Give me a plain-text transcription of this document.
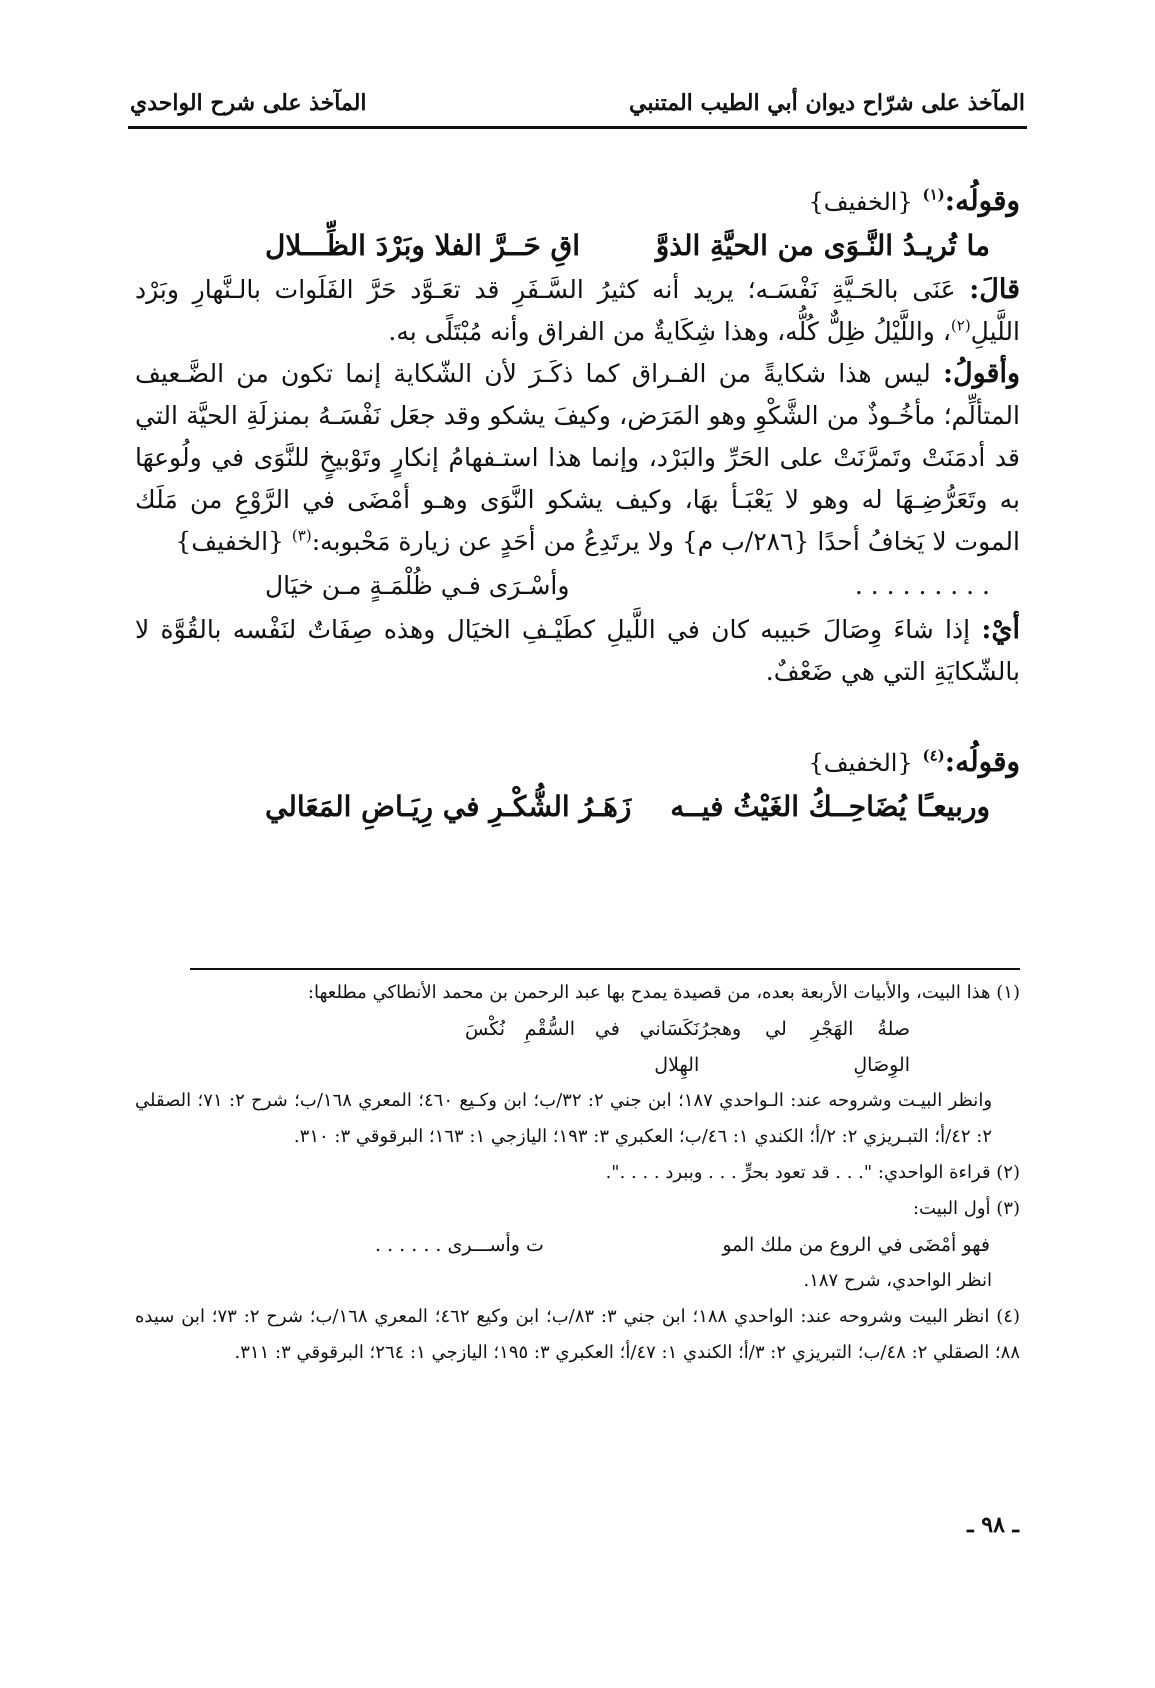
المآخذ على شرّاح ديوان أبي الطيب المتنبي
المآخذ على شرح الواحدي

وقولُه:$^{(١)}$ {الخفيف}

ما تُريـدُ النَّـوَى من الحيَّةِ الذوَّ
اقِ حَــرَّ الفلا وبَرْدَ الظِّـــلال

قالَ: عَنَى بالحَـيَّةِ نَفْسَـه؛ يريد أنه كثيرُ السَّـفَرِ قد تعَـوَّد حَرَّ الفَلَوات بالـنَّهارِ وبَرْد اللَّيلِ$^{(٢)}$، واللَّيْلُ ظِلٌّ كُلُّه، وهذا شِكَايةٌ من الفراق وأنه مُبْتَلًى به.

وأقولُ: ليس هذا شكايةً من الفـراق كما ذكَـرَ لأن الشّكاية إنما تكون من الضَّـعيف المتألِّم؛ مأخُـوذٌ من الشَّكْوِ وهو المَرَض، وكيفَ يشكو وقد جعَل نَفْسَـهُ بمنزلَةِ الحيَّة التي قد أدمَنَتْ وتَمرَّنَتْ على الحَرِّ والبَرْد، وإنما هذا استـفهامُ إنكارٍ وتَوْبيخٍ للنَّوَى في ولُوعهَا به وتَعَرُّضِـهَا له وهو لا يَعْبَـأ بهَا، وكيف يشكو النَّوَى وهـو أمْضَى في الرَّوْعِ من مَلَك الموت لا يَخافُ أحدًا {٢٨٦/ب م} ولا يرتَدِعُ من أحَدٍ عن زيارة مَحْبوبه:$^{(٣)}$ {الخفيف}

. . . . . . . . .
وأسْـرَى فـي ظُلْمَـةٍ مـن خيَال

أيْ: إذا شاءَ وِصَالَ حَبيبه كان في اللَّيلِ كطَيْـفِ الخيَال وهذه صِفَاتٌ لنَفْسه بالقُوَّة لا بالشّكايَةِ التي هي ضَعْفٌ.

وقولُه:$^{(٤)}$ {الخفيف}

وربيعـًا يُضَاحِــكُ الغَيْثُ فيــه
زَهَـرُ الشُّكْـرِ في رِيَـاضِ المَعَالي

(١) هذا البيت، والأبيات الأربعة بعده، من قصيدة يمدح بها عبد الرحمن بن محمد الأنطاكي مطلعها:

صلةُ الهَجْرِ لي وهجرُ الوِصَالِ
نَكَسَاني في السُّقْمِ نُكْسَ الهِلال

وانظر البيـت وشروحه عند: الـواحدي ١٨٧؛ ابن جني ٢: ٣٢/ب؛ ابن وكـيع ٤٦٠؛ المعري ١٦٨/ب؛ شرح ٢: ٧١؛ الصقلي ٢: ٤٢/أ؛ التبـريزي ٢: ٢/أ؛ الكندي ١: ٤٦/ب؛ العكبري ٣: ١٩٣؛ اليازجي ١: ١٦٣؛ البرقوقي ٣: ٣١٠.

(٢) قراءة الواحدي: ". . . قد تعود بحرٍّ . . . وببرد . . . .".

(٣) أول البيت:

فهو أمْضَى في الروع من ملك المو
ت وأســـرى . . . . . .

انظر الواحدي، شرح ١٨٧.

(٤) انظر البيت وشروحه عند: الواحدي ١٨٨؛ ابن جني ٣: ٨٣/ب؛ ابن وكيع ٤٦٢؛ المعري ١٦٨/ب؛ شرح ٢: ٧٣؛ ابن سيده ٨٨؛ الصقلي ٢: ٤٨/ب؛ التبريزي ٢: ٣/أ؛ الكندي ١: ٤٧/أ؛ العكبري ٣: ١٩٥؛ اليازجي ١: ٢٦٤؛ البرقوقي ٣: ٣١١.

ـ ٩٨ ـ
